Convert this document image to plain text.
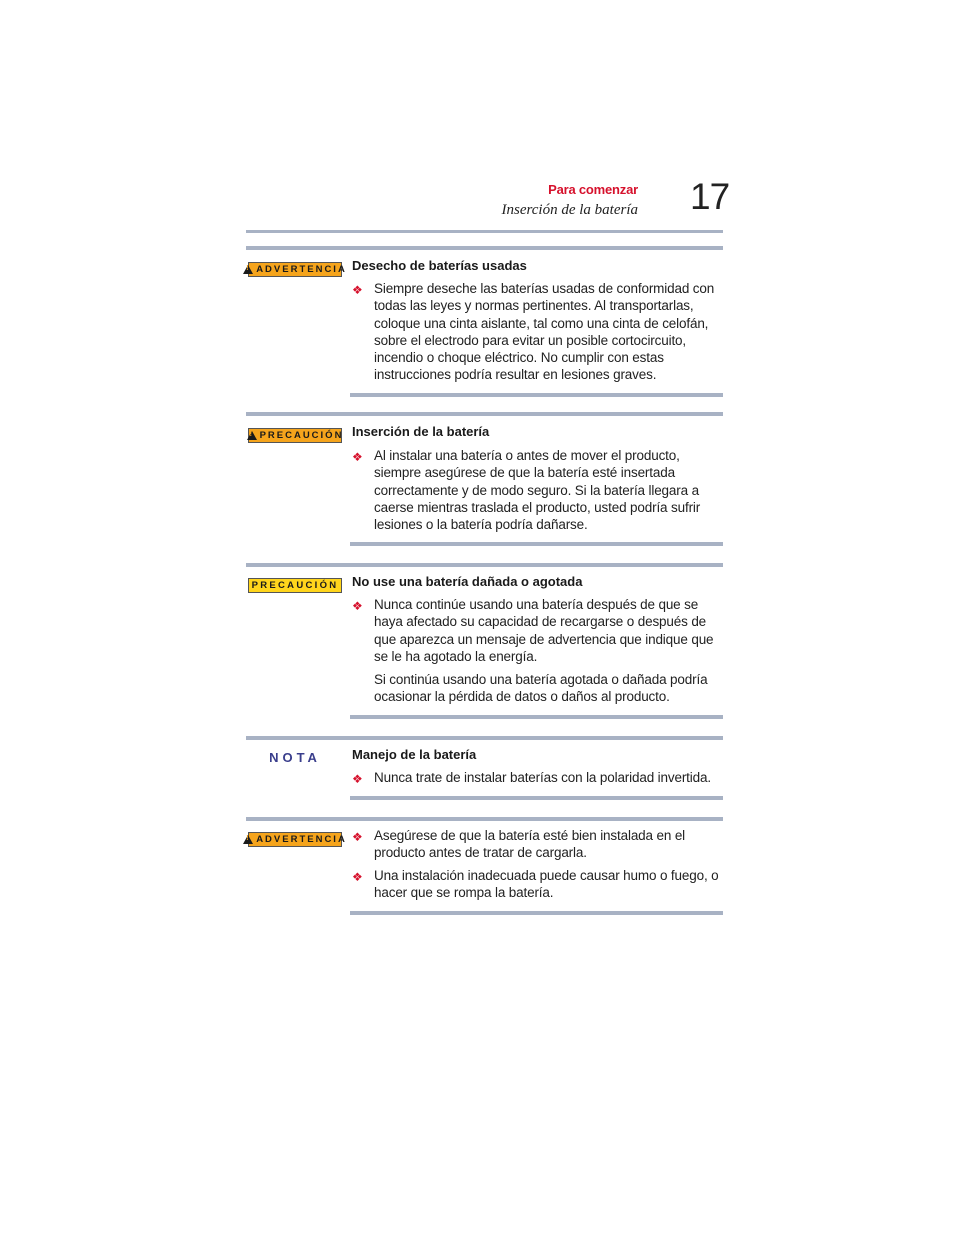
Para comenzar
Inserción de la batería 17
!
ADVERTENCIA Desecho de baterías usadas
❖ Siempre deseche las baterías usadas de conformidad con todas las leyes y normas pertinentes. Al transportarlas, coloque una cinta aislante, tal como una cinta de celofán, sobre el electrodo para evitar un posible cortocircuito, incendio o choque eléctrico. No cumplir con estas instrucciones podría resultar en lesiones graves.
!
PRECAUCIÓN Inserción de la batería
❖ Al instalar una batería o antes de mover el producto, siempre asegúrese de que la batería esté insertada correctamente y de modo seguro. Si la batería llegara a caerse mientras traslada el producto, usted podría sufrir lesiones o la batería podría dañarse.
PRECAUCIÓN No use una batería dañada o agotada
❖ Nunca continúe usando una batería después de que se haya afectado su capacidad de recargarse o después de que aparezca un mensaje de advertencia que indique que se le ha agotado la energía.
Si continúa usando una batería agotada o dañada podría ocasionar la pérdida de datos o daños al producto.
NOTA	Manejo de la batería
❖ Nunca trate de instalar baterías con la polaridad invertida.
!
ADVERTENCIA ❖ Asegúrese de que la batería esté bien instalada en el producto antes de tratar de cargarla.
❖ Una instalación inadecuada puede causar humo o fuego, o hacer que se rompa la batería.
